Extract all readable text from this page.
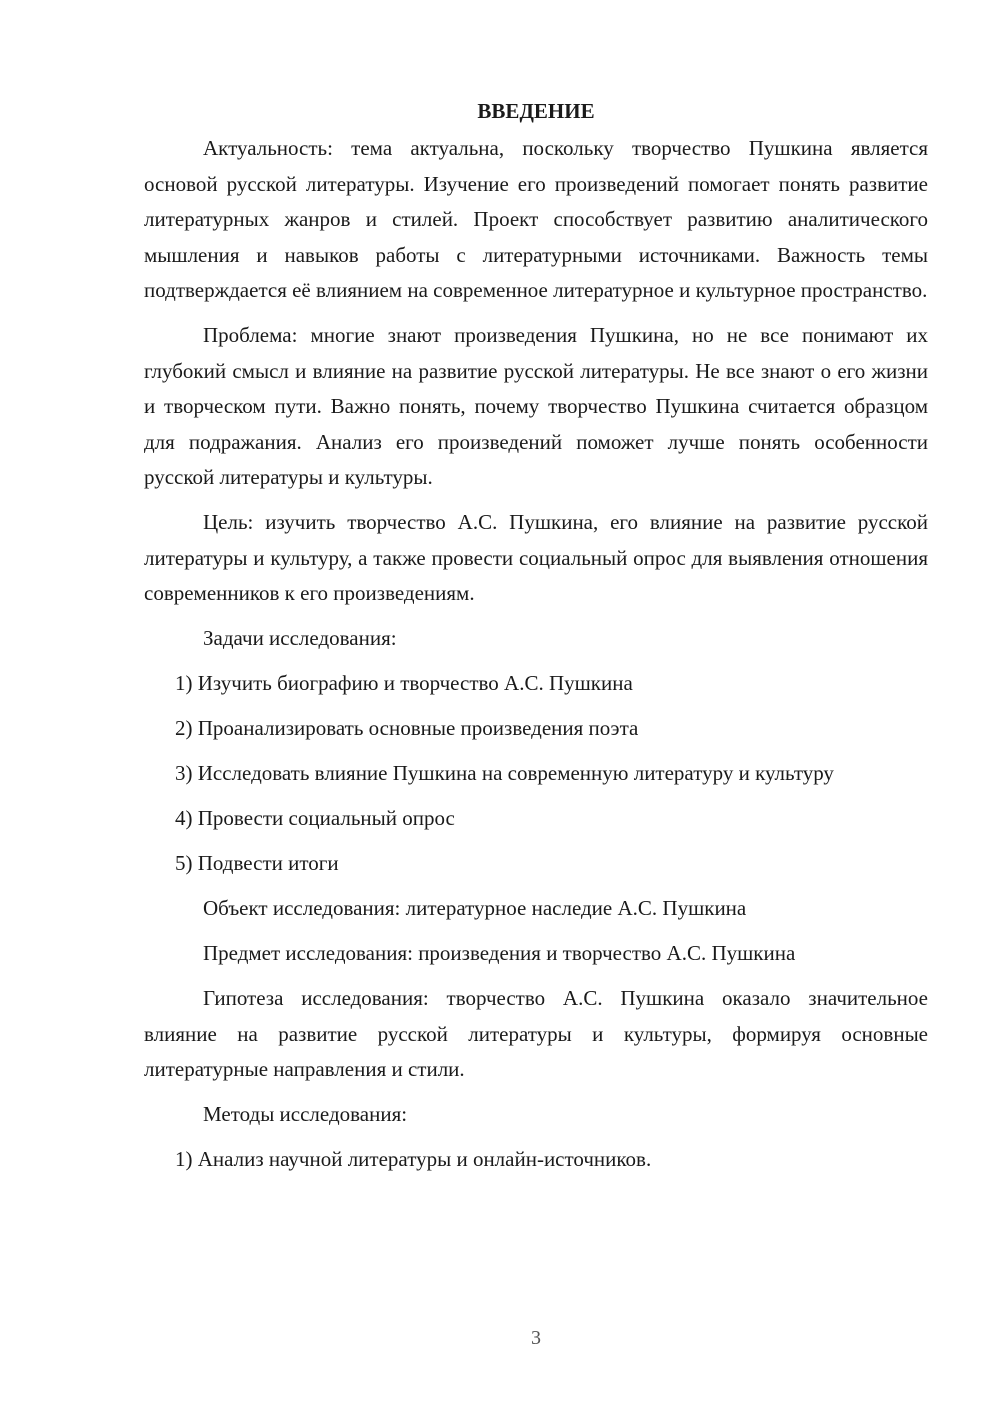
ВВЕДЕНИЕ

Актуальность: тема актуальна, поскольку творчество Пушкина является основой русской литературы. Изучение его произведений помогает понять развитие литературных жанров и стилей. Проект способствует развитию аналитического мышления и навыков работы с литературными источниками. Важность темы подтверждается её влиянием на современное литературное и культурное пространство.

Проблема: многие знают произведения Пушкина, но не все понимают их глубокий смысл и влияние на развитие русской литературы. Не все знают о его жизни и творческом пути. Важно понять, почему творчество Пушкина считается образцом для подражания. Анализ его произведений поможет лучше понять особенности русской литературы и культуры.

Цель: изучить творчество А.С. Пушкина, его влияние на развитие русской литературы и культуру, а также провести социальный опрос для выявления отношения современников к его произведениям.

Задачи исследования:

1) Изучить биографию и творчество А.С. Пушкина

2) Проанализировать основные произведения поэта

3) Исследовать влияние Пушкина на современную литературу и культуру

4) Провести социальный опрос

5) Подвести итоги

Объект исследования: литературное наследие А.С. Пушкина

Предмет исследования: произведения и творчество А.С. Пушкина

Гипотеза исследования: творчество А.С. Пушкина оказало значительное влияние на развитие русской литературы и культуры, формируя основные литературные направления и стили.

Методы исследования:

1) Анализ научной литературы и онлайн-источников.

3
